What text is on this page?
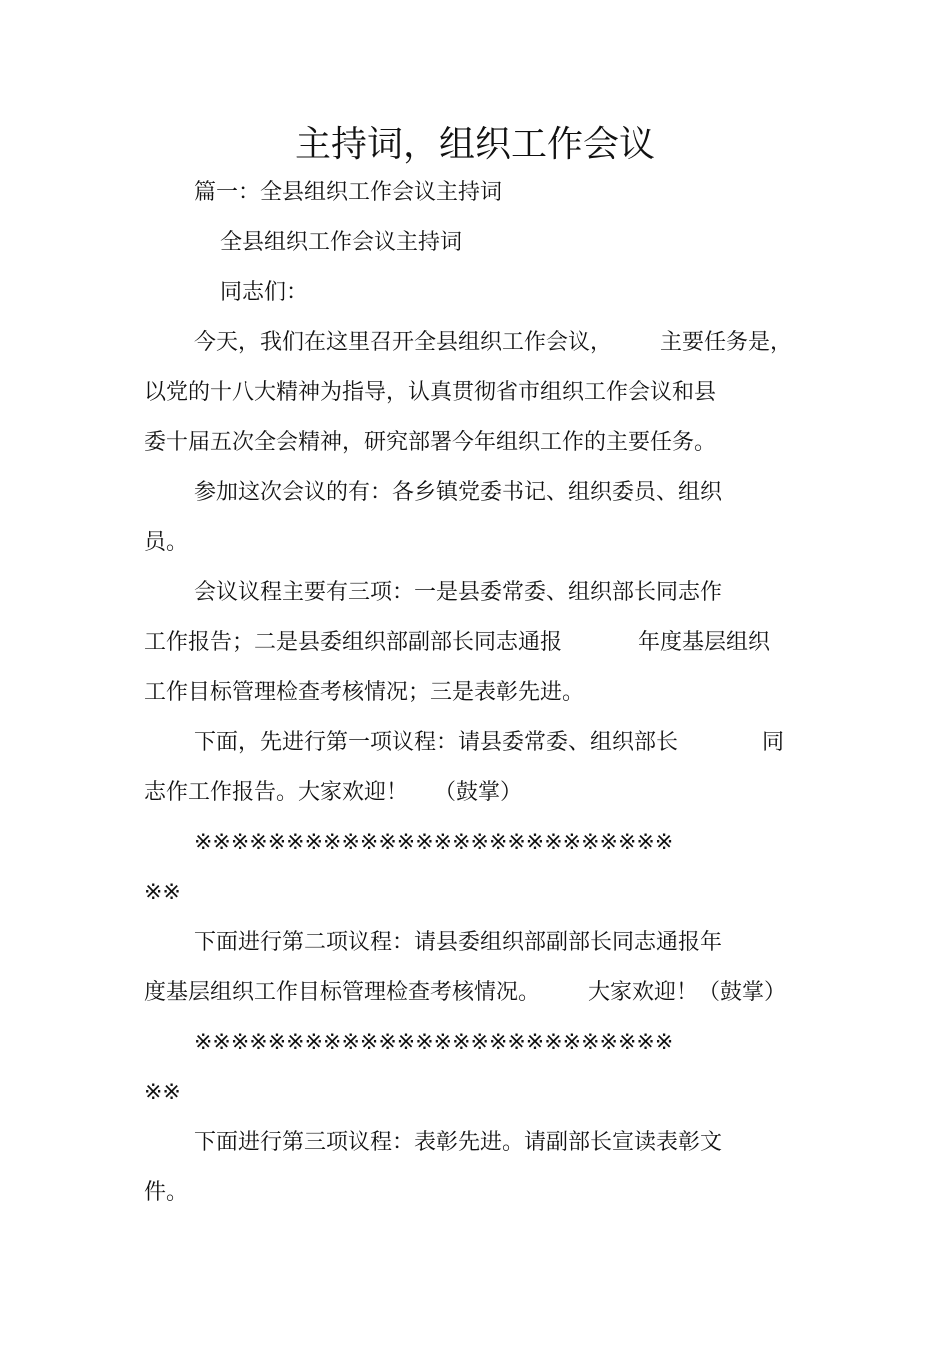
主持词，组织工作会议
篇一：全县组织工作会议主持词
全县组织工作会议主持词
同志们：
今天，我们在这里召开全县组织工作会议， 主要任务是，
以党的十八大精神为指导，认真贯彻省市组织工作会议和县
委十届五次全会精神，研究部署今年组织工作的主要任务。
参加这次会议的有：各乡镇党委书记、组织委员、组织
员。
会议议程主要有三项：一是县委常委、组织部长同志作
工作报告；二是县委组织部副部长同志通报	年度基层组织
工作目标管理检查考核情况；三是表彰先进。
下面，先进行第一项议程：请县委常委、组织部长	同
志作工作报告。大家欢迎！ （鼓掌）
※※※※※※※※※※※※※※※※※※※※※※※※※※
※※
下面进行第二项议程：请县委组织部副部长同志通报年
度基层组织工作目标管理检查考核情况。 大家欢迎！（鼓掌）
※※※※※※※※※※※※※※※※※※※※※※※※※※
※※
下面进行第三项议程：表彰先进。请副部长宣读表彰文
件。
